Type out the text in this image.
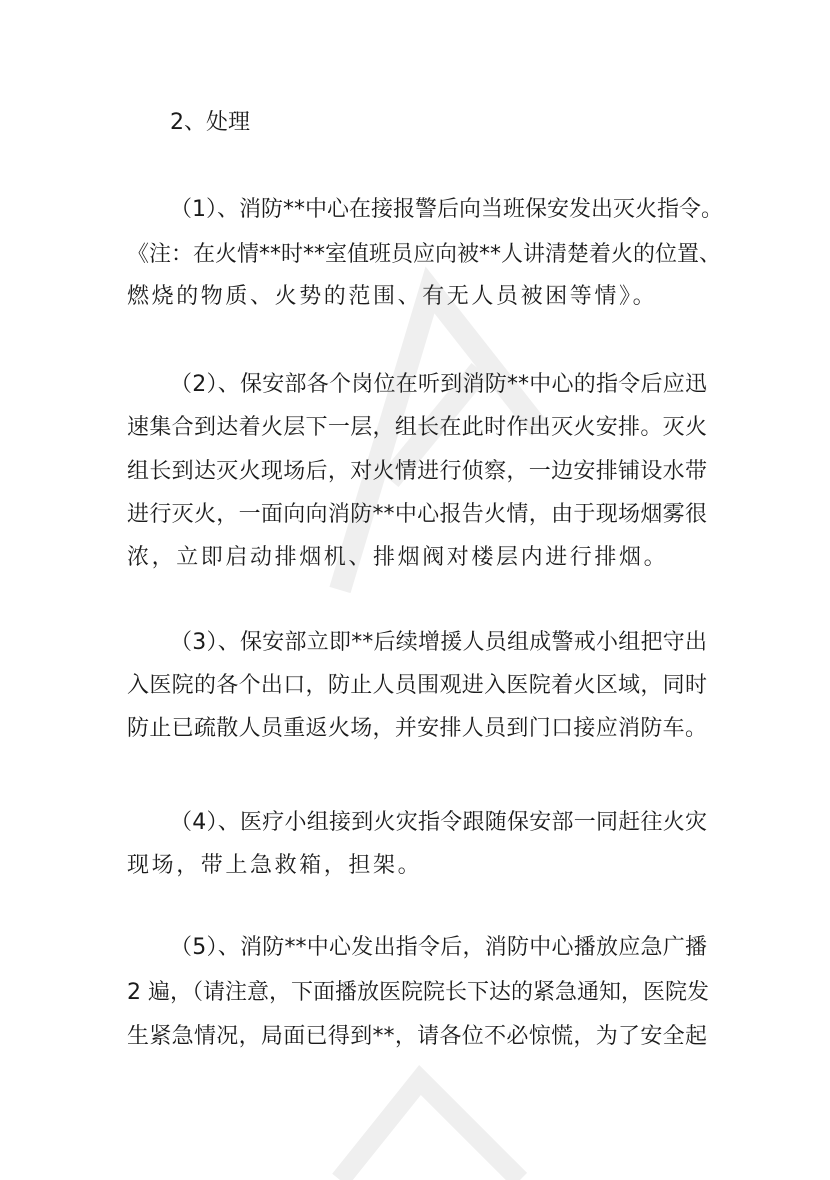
2、处理
（1）、消防**中心在接报警后向当班保安发出灭火指令。
《注：在火情**时**室值班员应向被**人讲清楚着火的位置、
燃烧的物质、火势的范围、有无人员被困等情》。
（2）、保安部各个岗位在听到消防**中心的指令后应迅
速集合到达着火层下一层，组长在此时作出灭火安排。灭火
组长到达灭火现场后，对火情进行侦察，一边安排铺设水带
进行灭火，一面向向消防**中心报告火情，由于现场烟雾很
浓，立即启动排烟机、排烟阀对楼层内进行排烟。
（3）、保安部立即**后续增援人员组成警戒小组把守出
入医院的各个出口，防止人员围观进入医院着火区域，同时
防止已疏散人员重返火场，并安排人员到门口接应消防车。
（4）、医疗小组接到火灾指令跟随保安部一同赶往火灾
现场，带上急救箱，担架。
（5）、消防**中心发出指令后，消防中心播放应急广播
2 遍，（请注意，下面播放医院院长下达的紧急通知，医院发
生紧急情况，局面已得到**，请各位不必惊慌，为了安全起
